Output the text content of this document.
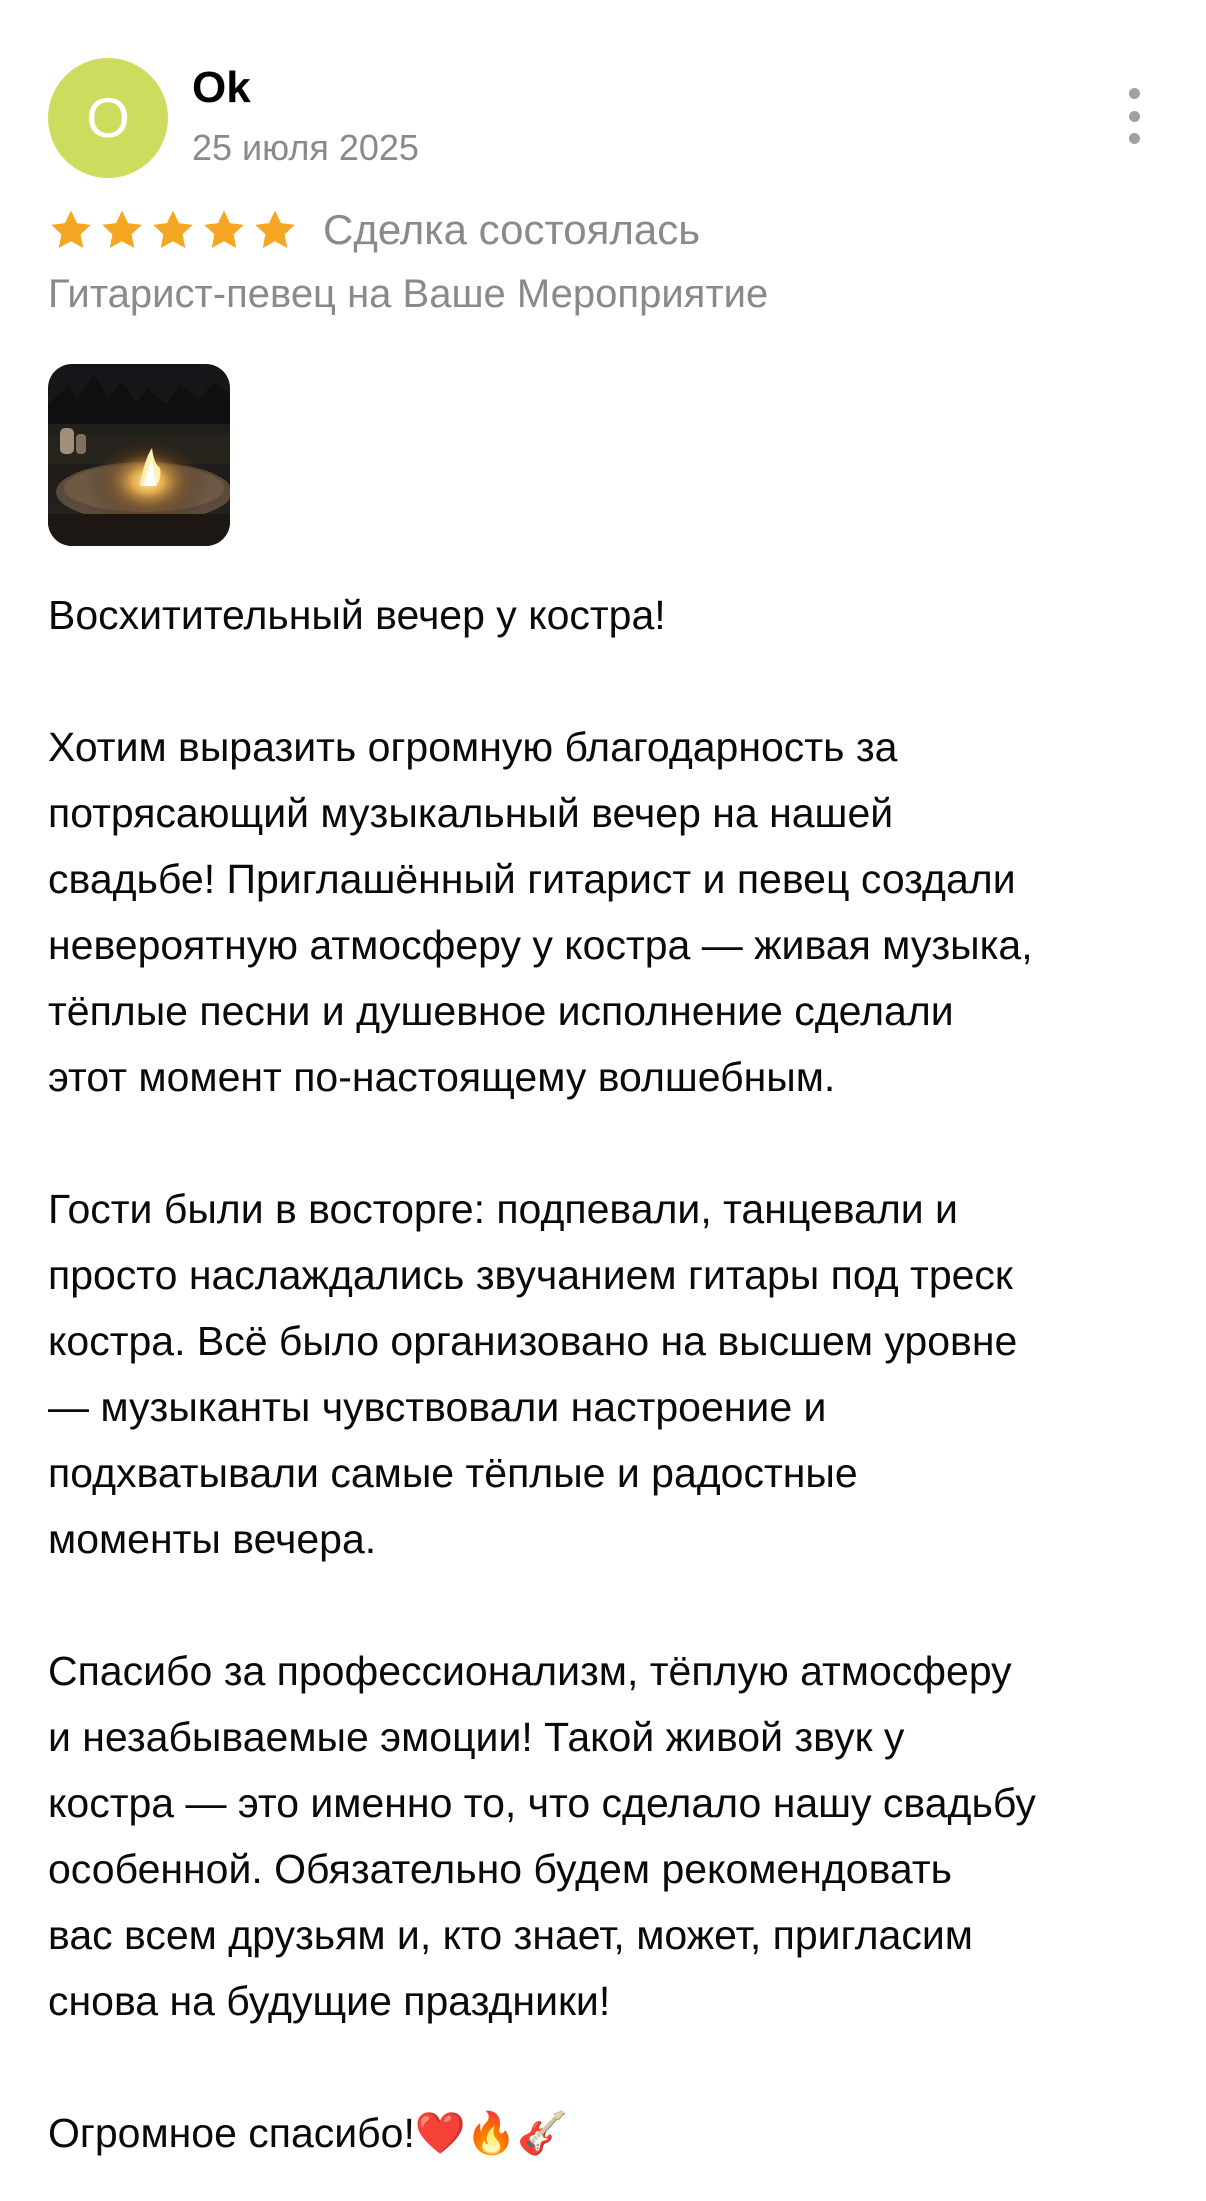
O Ok
25 июля 2025
Сделка состоялась
Гитарист-певец на Ваше Мероприятие

Восхитительный вечер у костра!

Хотим выразить огромную благодарность за
потрясающий музыкальный вечер на нашей
свадьбе! Приглашённый гитарист и певец создали
невероятную атмосферу у костра — живая музыка,
тёплые песни и душевное исполнение сделали
этот момент по-настоящему волшебным.

Гости были в восторге: подпевали, танцевали и
просто наслаждались звучанием гитары под треск
костра. Всё было организовано на высшем уровне
— музыканты чувствовали настроение и
подхватывали самые тёплые и радостные
моменты вечера.

Спасибо за профессионализм, тёплую атмосферу
и незабываемые эмоции! Такой живой звук у
костра — это именно то, что сделало нашу свадьбу
особенной. Обязательно будем рекомендовать
вас всем друзьям и, кто знает, может, пригласим
снова на будущие праздники!

Огромное спасибо!❤️🔥🎸
